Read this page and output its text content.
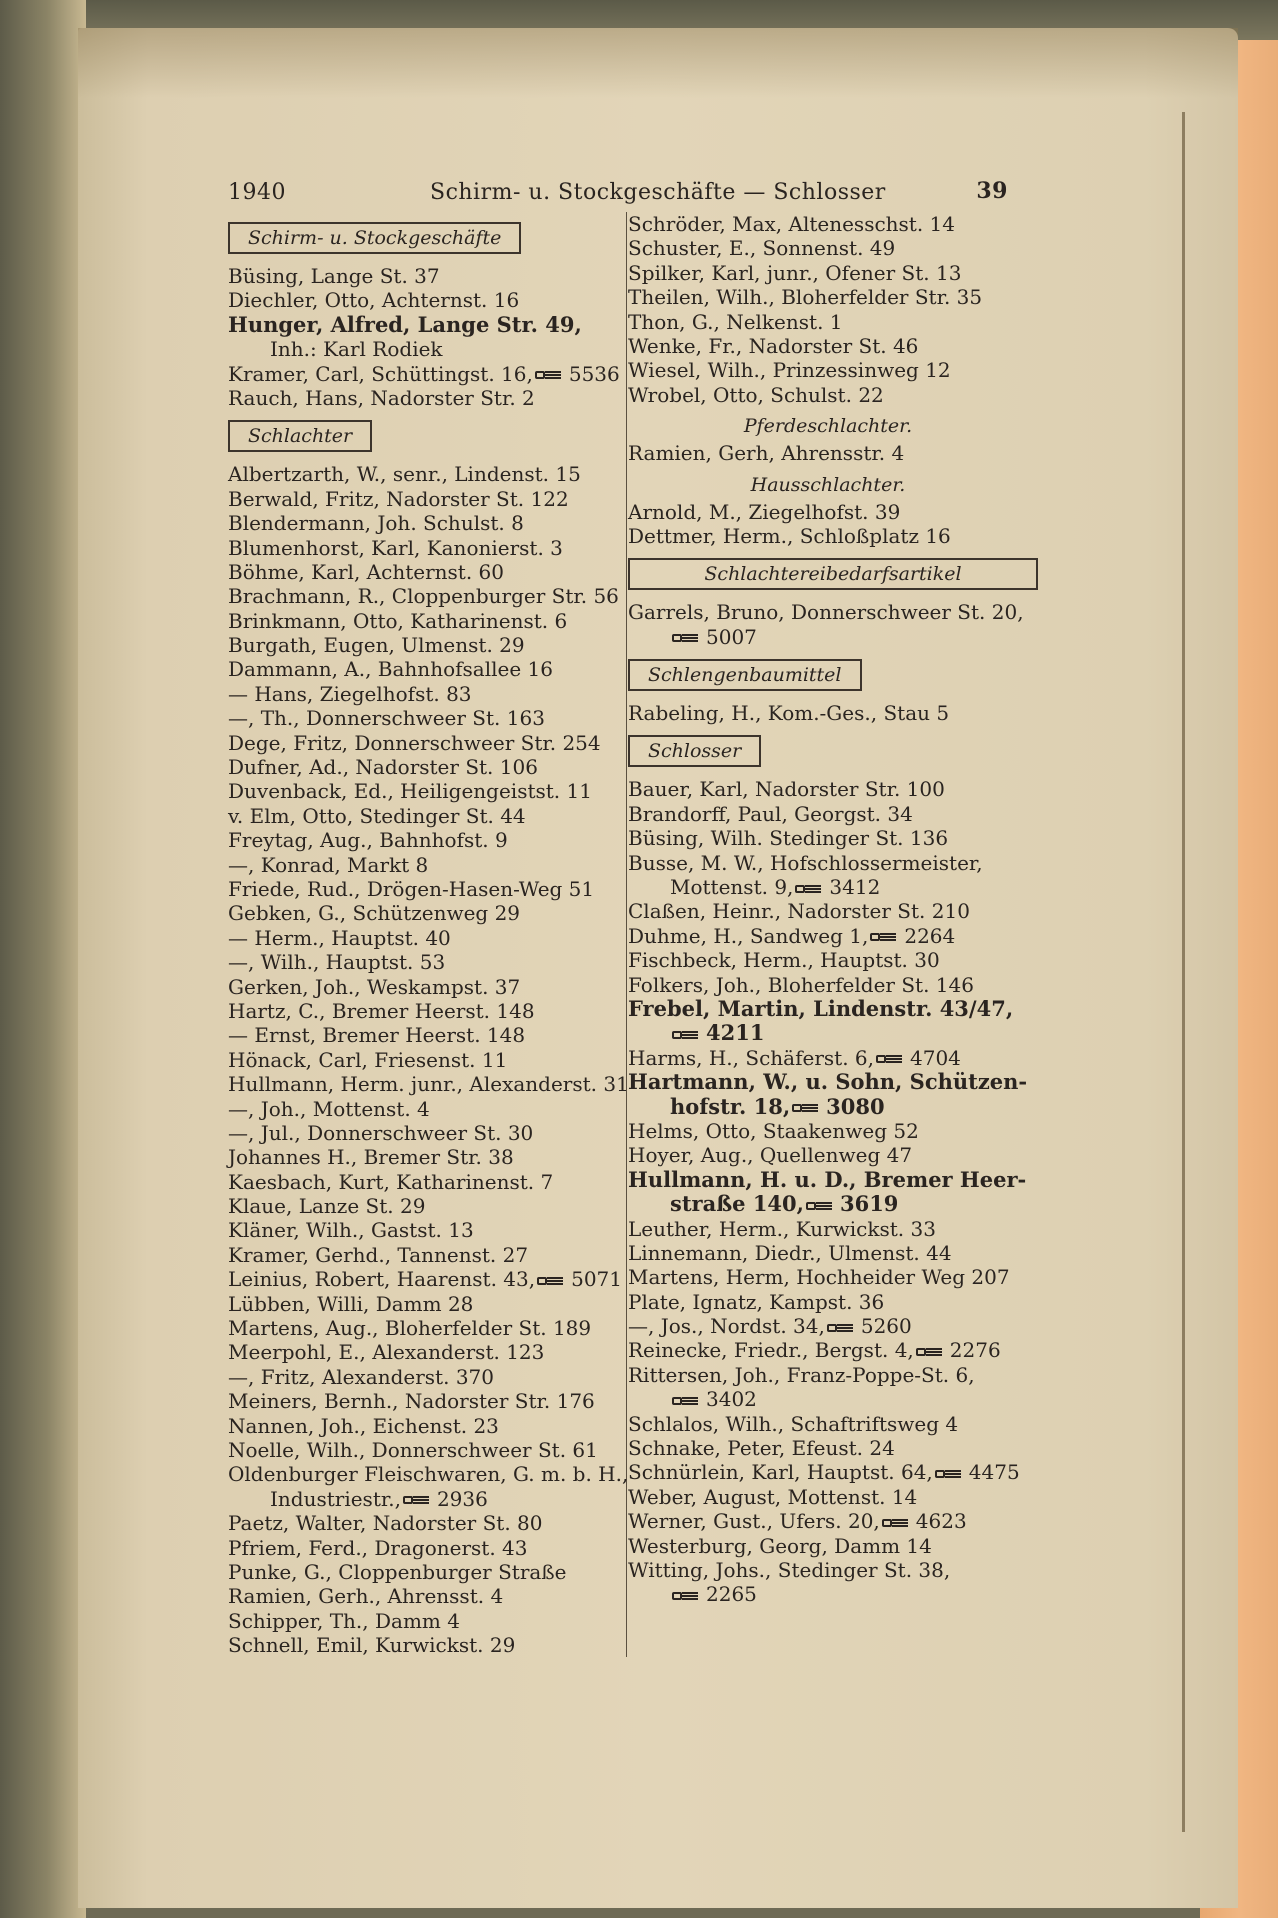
1940	Schirm- u. Stockgeschäfte — Schlosser	39
Schirm- u. Stockgeschäfte
Büsing, Lange St. 37
Diechler, Otto, Achternst. 16
Hunger, Alfred, Lange Str. 49,
Inh.: Karl Rodiek
Kramer, Carl, Schüttingst. 16, 5536
Rauch, Hans, Nadorster Str. 2
Schlachter
Albertzarth, W., senr., Lindenst. 15
Berwald, Fritz, Nadorster St. 122
Blendermann, Joh. Schulst. 8
Blumenhorst, Karl, Kanonierst. 3
Böhme, Karl, Achternst. 60
Brachmann, R., Cloppenburger Str. 56
Brinkmann, Otto, Katharinenst. 6
Burgath, Eugen, Ulmenst. 29
Dammann, A., Bahnhofsallee 16
— Hans, Ziegelhofst. 83
—, Th., Donnerschweer St. 163
Dege, Fritz, Donnerschweer Str. 254
Dufner, Ad., Nadorster St. 106
Duvenback, Ed., Heiligengeistst. 11
v. Elm, Otto, Stedinger St. 44
Freytag, Aug., Bahnhofst. 9
—, Konrad, Markt 8
Friede, Rud., Drögen-Hasen-Weg 51
Gebken, G., Schützenweg 29
— Herm., Hauptst. 40
—, Wilh., Hauptst. 53
Gerken, Joh., Weskampst. 37
Hartz, C., Bremer Heerst. 148
— Ernst, Bremer Heerst. 148
Hönack, Carl, Friesenst. 11
Hullmann, Herm. junr., Alexanderst. 31
—, Joh., Mottenst. 4
—, Jul., Donnerschweer St. 30
Johannes H., Bremer Str. 38
Kaesbach, Kurt, Katharinenst. 7
Klaue, Lanze St. 29
Kläner, Wilh., Gastst. 13
Kramer, Gerhd., Tannenst. 27
Leinius, Robert, Haarenst. 43, 5071
Lübben, Willi, Damm 28
Martens, Aug., Bloherfelder St. 189
Meerpohl, E., Alexanderst. 123
—, Fritz, Alexanderst. 370
Meiners, Bernh., Nadorster Str. 176
Nannen, Joh., Eichenst. 23
Noelle, Wilh., Donnerschweer St. 61
Oldenburger Fleischwaren, G. m. b. H.,
Industriestr., 2936
Paetz, Walter, Nadorster St. 80
Pfriem, Ferd., Dragonerst. 43
Punke, G., Cloppenburger Straße
Ramien, Gerh., Ahrensst. 4
Schipper, Th., Damm 4
Schnell, Emil, Kurwickst. 29
Schröder, Max, Altenesschst. 14
Schuster, E., Sonnenst. 49
Spilker, Karl, junr., Ofener St. 13
Theilen, Wilh., Bloherfelder Str. 35
Thon, G., Nelkenst. 1
Wenke, Fr., Nadorster St. 46
Wiesel, Wilh., Prinzessinweg 12
Wrobel, Otto, Schulst. 22
Pferdeschlachter.
Ramien, Gerh, Ahrensstr. 4
Hausschlachter.
Arnold, M., Ziegelhofst. 39
Dettmer, Herm., Schloßplatz 16
Schlachtereibedarfsartikel
Garrels, Bruno, Donnerschweer St. 20,
5007
Schlengenbaumittel
Rabeling, H., Kom.-Ges., Stau 5
Schlosser
Bauer, Karl, Nadorster Str. 100
Brandorff, Paul, Georgst. 34
Büsing, Wilh. Stedinger St. 136
Busse, M. W., Hofschlossermeister,
Mottenst. 9, 3412
Claßen, Heinr., Nadorster St. 210
Duhme, H., Sandweg 1, 2264
Fischbeck, Herm., Hauptst. 30
Folkers, Joh., Bloherfelder St. 146
Frebel, Martin, Lindenstr. 43/47,
4211
Harms, H., Schäferst. 6, 4704
Hartmann, W., u. Sohn, Schützen-
hofstr. 18, 3080
Helms, Otto, Staakenweg 52
Hoyer, Aug., Quellenweg 47
Hullmann, H. u. D., Bremer Heer-
straße 140, 3619
Leuther, Herm., Kurwickst. 33
Linnemann, Diedr., Ulmenst. 44
Martens, Herm, Hochheider Weg 207
Plate, Ignatz, Kampst. 36
—, Jos., Nordst. 34, 5260
Reinecke, Friedr., Bergst. 4, 2276
Rittersen, Joh., Franz-Poppe-St. 6,
3402
Schlalos, Wilh., Schaftriftsweg 4
Schnake, Peter, Efeust. 24
Schnürlein, Karl, Hauptst. 64, 4475
Weber, August, Mottenst. 14
Werner, Gust., Ufers. 20, 4623
Westerburg, Georg, Damm 14
Witting, Johs., Stedinger St. 38,
2265
